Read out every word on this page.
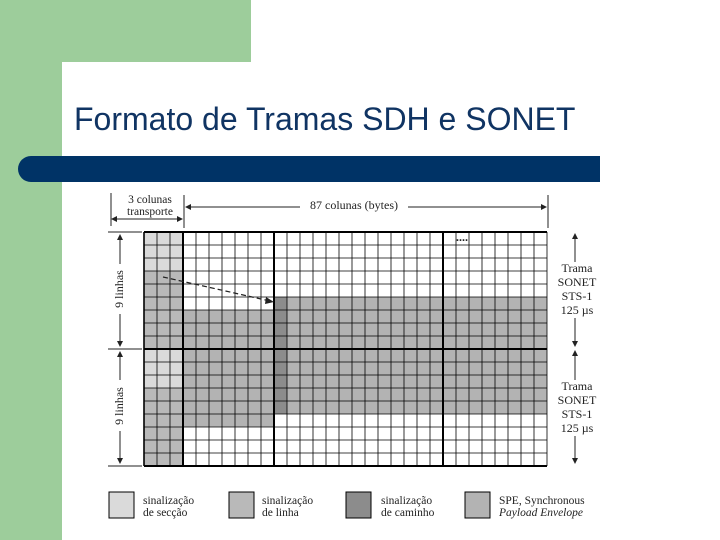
Formato de Tramas SDH e SONET
3 colunas
transporte	87 colunas (bytes)
....
9 linhas
9 linhas
Trama
SONET
STS-1
125 µs
Trama
SONET
STS-1
125 µs
sinalização
de secção
sinalização
de linha
sinalização
de caminho
SPE, Synchronous
Payload Envelope
